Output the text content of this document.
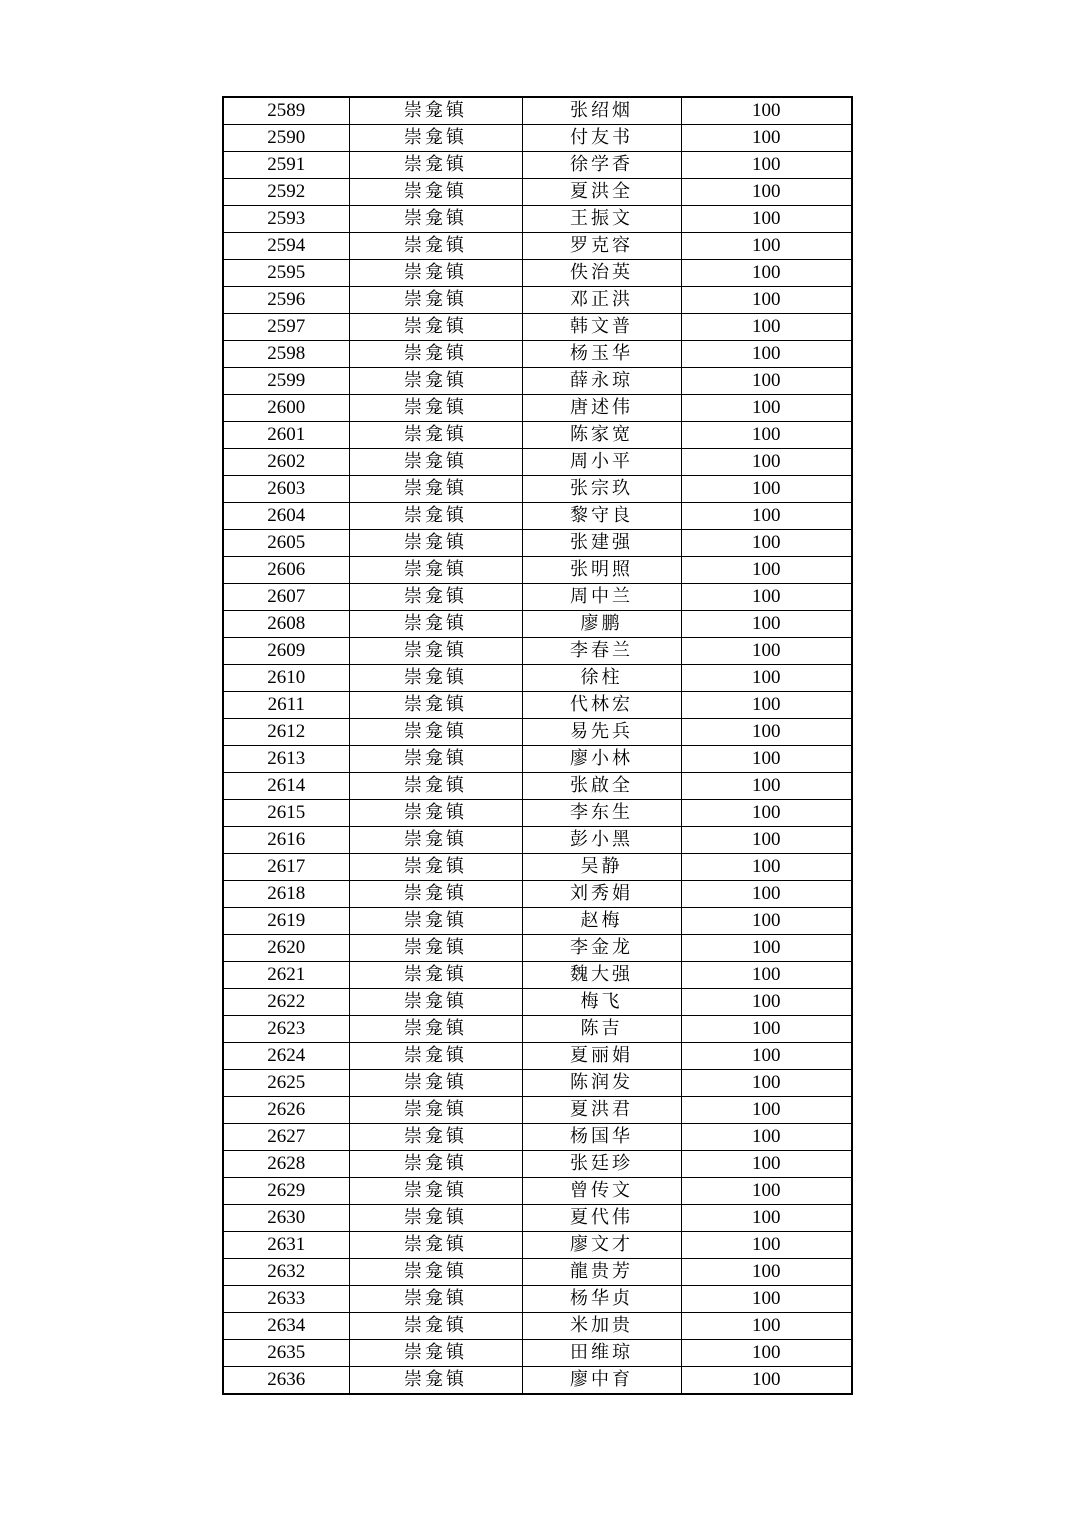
2589	崇龛镇	张绍烟	100
2590	崇龛镇	付友书	100
2591	崇龛镇	徐学香	100
2592	崇龛镇	夏洪全	100
2593	崇龛镇	王振文	100
2594	崇龛镇	罗克容	100
2595	崇龛镇	佚治英	100
2596	崇龛镇	邓正洪	100
2597	崇龛镇	韩文普	100
2598	崇龛镇	杨玉华	100
2599	崇龛镇	薛永琼	100
2600	崇龛镇	唐述伟	100
2601	崇龛镇	陈家宽	100
2602	崇龛镇	周小平	100
2603	崇龛镇	张宗玖	100
2604	崇龛镇	黎守良	100
2605	崇龛镇	张建强	100
2606	崇龛镇	张明照	100
2607	崇龛镇	周中兰	100
2608	崇龛镇	廖鹏	100
2609	崇龛镇	李春兰	100
2610	崇龛镇	徐柱	100
2611	崇龛镇	代林宏	100
2612	崇龛镇	易先兵	100
2613	崇龛镇	廖小林	100
2614	崇龛镇	张啟全	100
2615	崇龛镇	李东生	100
2616	崇龛镇	彭小黑	100
2617	崇龛镇	吴静	100
2618	崇龛镇	刘秀娟	100
2619	崇龛镇	赵梅	100
2620	崇龛镇	李金龙	100
2621	崇龛镇	魏大强	100
2622	崇龛镇	梅飞	100
2623	崇龛镇	陈吉	100
2624	崇龛镇	夏丽娟	100
2625	崇龛镇	陈润发	100
2626	崇龛镇	夏洪君	100
2627	崇龛镇	杨国华	100
2628	崇龛镇	张廷珍	100
2629	崇龛镇	曾传文	100
2630	崇龛镇	夏代伟	100
2631	崇龛镇	廖文才	100
2632	崇龛镇	龍贵芳	100
2633	崇龛镇	杨华贞	100
2634	崇龛镇	米加贵	100
2635	崇龛镇	田维琼	100
2636	崇龛镇	廖中育	100
